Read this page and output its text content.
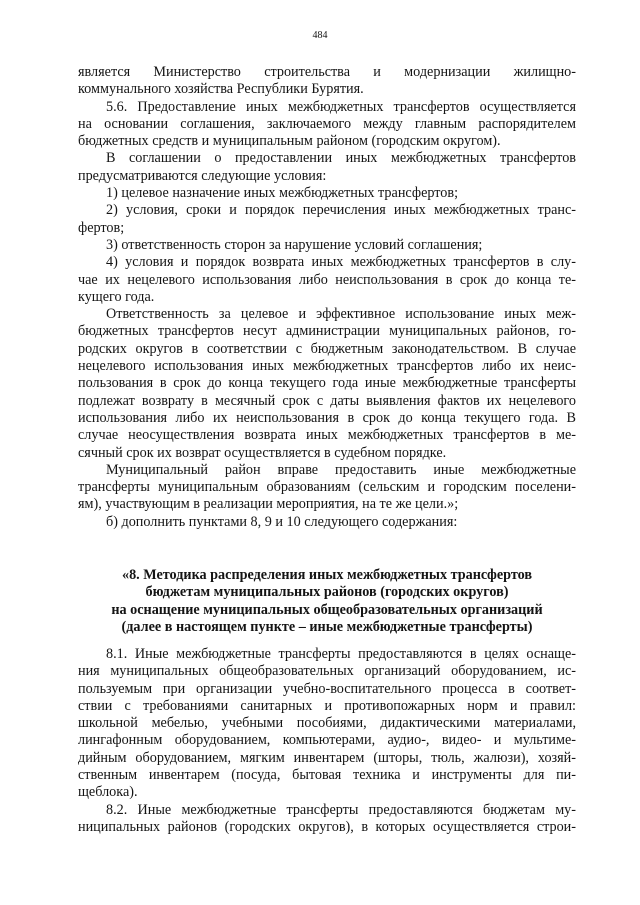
484
является Министерство строительства и модернизации жилищно-
коммунального хозяйства Республики Бурятия.
5.6. Предоставление иных межбюджетных трансфертов осуществляется
на основании соглашения, заключаемого между главным распорядителем
бюджетных средств и муниципальным районом (городским округом).
В соглашении о предоставлении иных межбюджетных трансфертов
предусматриваются следующие условия:
1) целевое назначение иных межбюджетных трансфертов;
2) условия, сроки и порядок перечисления иных межбюджетных транс-
фертов;
3) ответственность сторон за нарушение условий соглашения;
4) условия и порядок возврата иных межбюджетных трансфертов в слу-
чае их нецелевого использования либо неиспользования в срок до конца те-
кущего года.
Ответственность за целевое и эффективное использование иных меж-
бюджетных трансфертов несут администрации муниципальных районов, го-
родских округов в соответствии с бюджетным законодательством. В случае
нецелевого использования иных межбюджетных трансфертов либо их неис-
пользования в срок до конца текущего года иные межбюджетные трансферты
подлежат возврату в месячный срок с даты выявления фактов их нецелевого
использования либо их неиспользования в срок до конца текущего года. В
случае неосуществления возврата иных межбюджетных трансфертов в ме-
сячный срок их возврат осуществляется в судебном порядке.
Муниципальный район вправе предоставить иные межбюджетные
трансферты муниципальным образованиям (сельским и городским поселени-
ям), участвующим в реализации мероприятия, на те же цели.»;
б) дополнить пунктами 8, 9 и 10 следующего содержания:
«8. Методика распределения иных межбюджетных трансфертов
бюджетам муниципальных районов (городских округов)
на оснащение муниципальных общеобразовательных организаций
(далее в настоящем пункте – иные межбюджетные трансферты)
8.1. Иные межбюджетные трансферты предоставляются в целях оснаще-
ния муниципальных общеобразовательных организаций оборудованием, ис-
пользуемым при организации учебно-воспитательного процесса в соответ-
ствии с требованиями санитарных и противопожарных норм и правил:
школьной мебелью, учебными пособиями, дидактическими материалами,
лингафонным оборудованием, компьютерами, аудио-, видео- и мультиме-
дийным оборудованием, мягким инвентарем (шторы, тюль, жалюзи), хозяй-
ственным инвентарем (посуда, бытовая техника и инструменты для пи-
щеблока).
8.2. Иные межбюджетные трансферты предоставляются бюджетам му-
ниципальных районов (городских округов), в которых осуществляется строи-
